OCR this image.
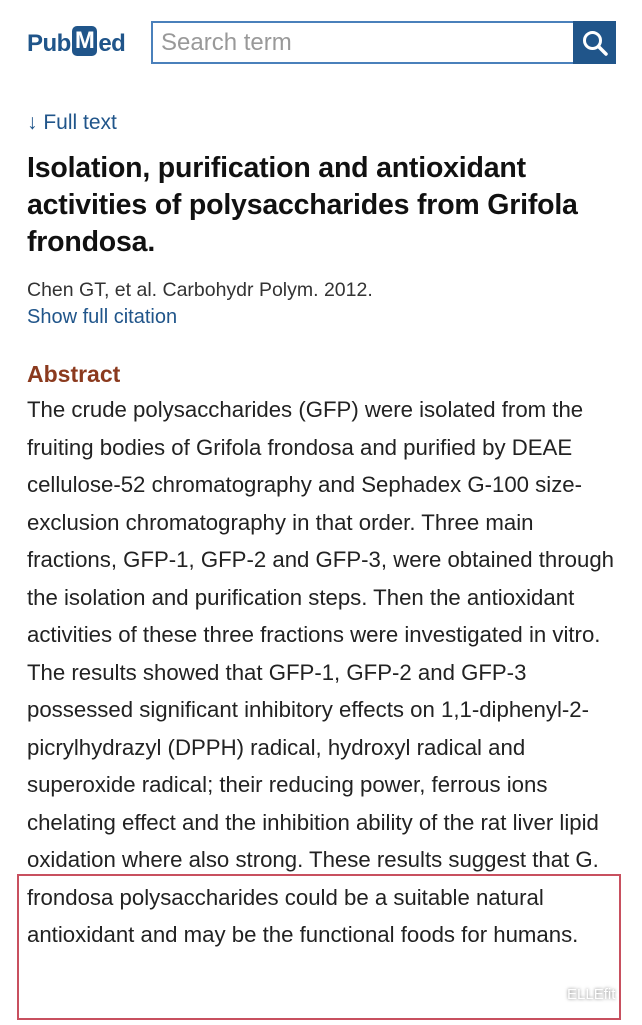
Pub M ed
Search term
↓ Full text
Isolation, purification and antioxidant activities of polysaccharides from Grifola frondosa.
Chen GT, et al. Carbohydr Polym. 2012.
Show full citation
Abstract

The crude polysaccharides (GFP) were isolated from the fruiting bodies of Grifola frondosa and purified by DEAE cellulose-52 chromatography and Sephadex G-100 size-exclusion chromatography in that order. Three main fractions, GFP-1, GFP-2 and GFP-3, were obtained through the isolation and purification steps. Then the antioxidant activities of these three fractions were investigated in vitro. The results showed that GFP-1, GFP-2 and GFP-3 possessed significant inhibitory effects on 1,1-diphenyl-2-picrylhydrazyl (DPPH) radical, hydroxyl radical and superoxide radical; their reducing power, ferrous ions chelating effect and the inhibition ability of the rat liver lipid oxidation where also strong. These results suggest that G. frondosa polysaccharides could be a suitable natural antioxidant and may be the functional foods for humans.

ELLEfit
